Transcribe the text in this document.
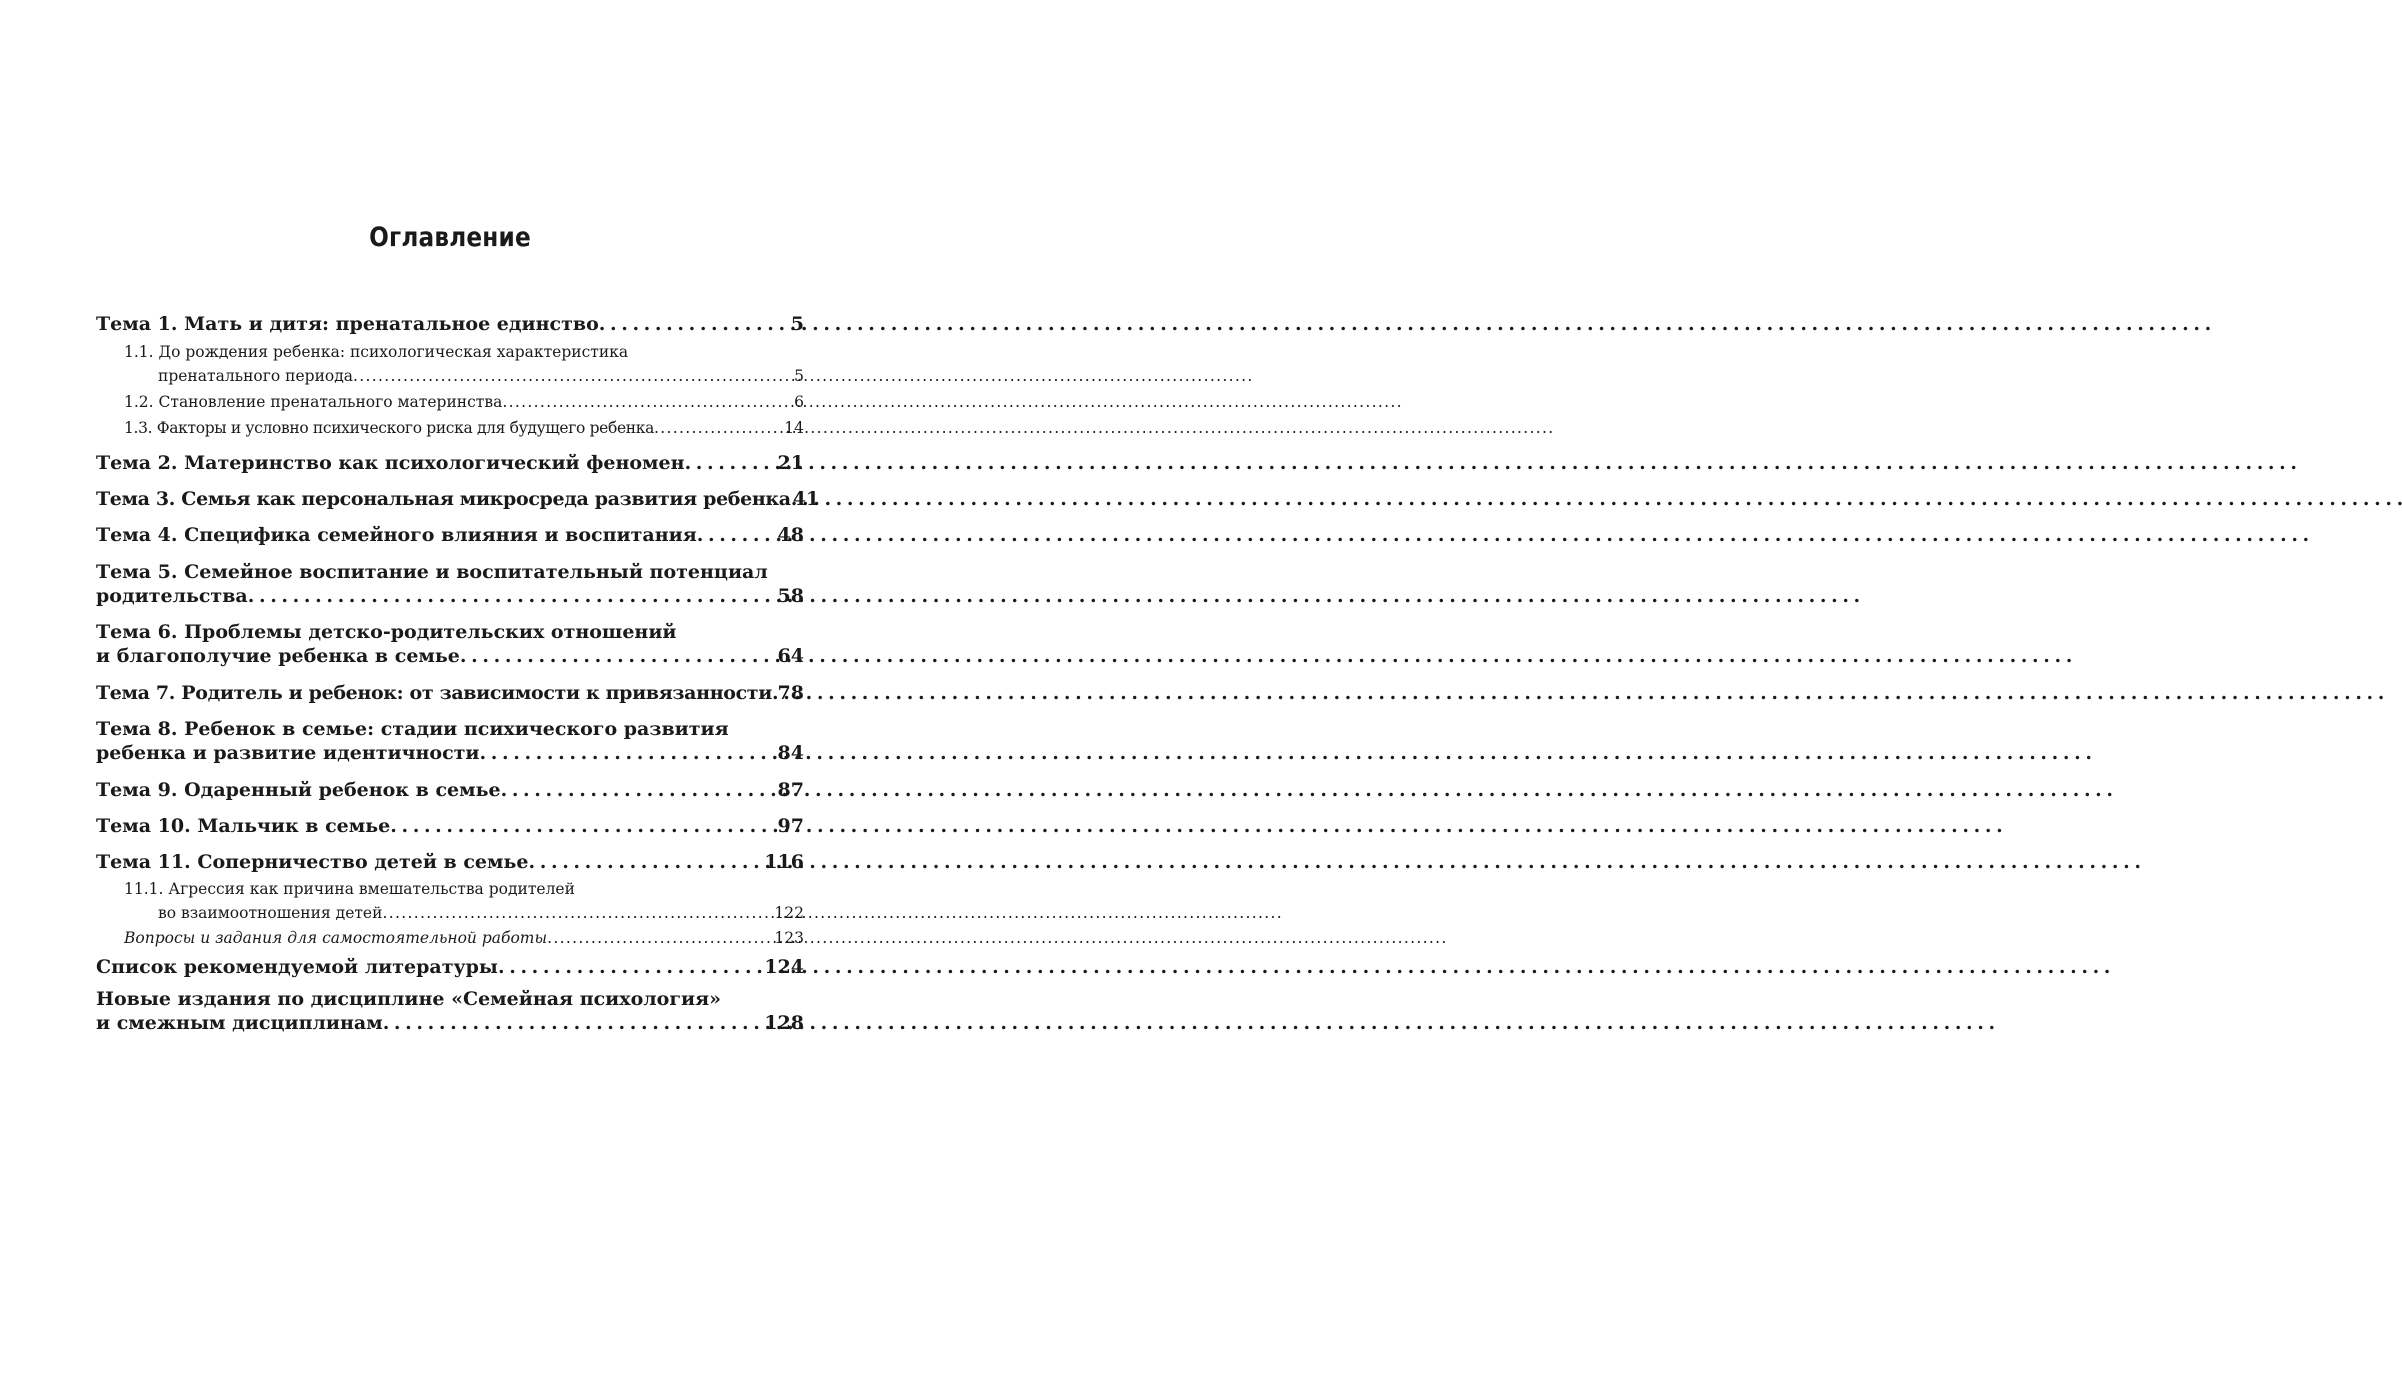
Оглавление
Тема 1. Мать и дитя: пренатальное единство . . .	5
1.1. До рождения ребенка: психологическая характеристика
пренатального периода . . .	5
1.2. Становление пренатального материнства . . .	6
1.3. Факторы и условно психического риска для будущего ребенка . . .	14
Тема 2. Материнство как психологический феномен . . .	21
Тема 3. Семья как персональная микросреда развития ребенка 41
Тема 4. Специфика семейного влияния и воспитания . . .	48
Тема 5. Семейное воспитание и воспитательный потенциал
родительства . . .	58
Тема 6. Проблемы детско-родительских отношений
и благополучие ребенка в семье . . .	64
Тема 7. Родитель и ребенок: от зависимости к привязанности . . . 78
Тема 8. Ребенок в семье: стадии психического развития
ребенка и развитие идентичности . . .	84
Тема 9. Одаренный ребенок в семье . . .	87
Тема 10. Мальчик в семье . . .	97
Тема 11. Соперничество детей в семье . . .	116
11.1. Агрессия как причина вмешательства родителей
во взаимоотношения детей . . .	122
Вопросы и задания для самостоятельной работы . . .	123
Список рекомендуемой литературы . . .	124
Новые издания по дисциплине «Семейная психология»
и смежным дисциплинам . . .	128
